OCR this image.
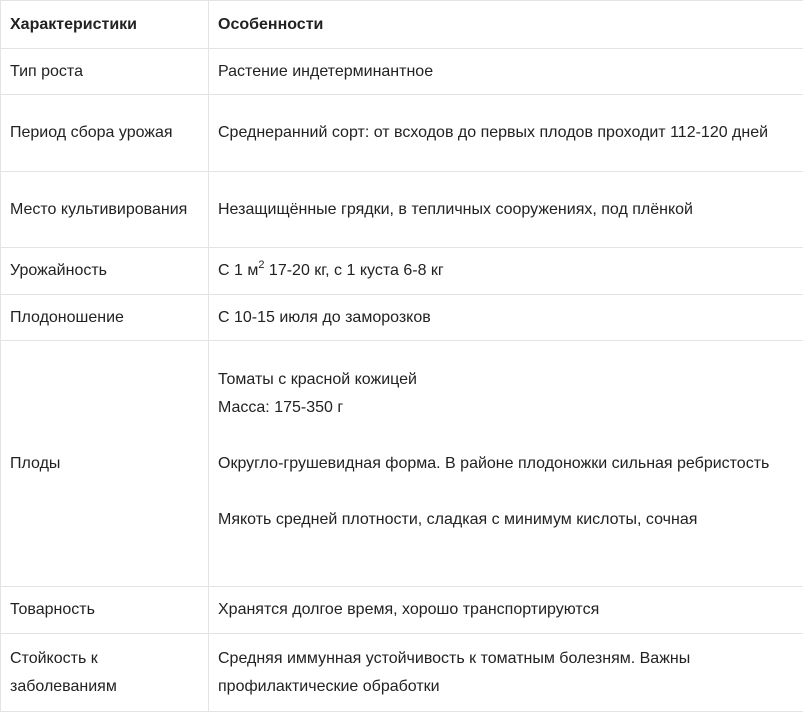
Характеристики	Особенности
Тип роста	Растение индетерминантное
Период сбора урожая	Среднеранний сорт: от всходов до первых плодов проходит 112-120 дней
Место культивирования	Незащищённые грядки, в тепличных сооружениях, под плёнкой
Урожайность	С 1 $м^2$ 17-20 кг, с 1 куста 6-8 кг
Плодоношение	С 10-15 июля до заморозков
Плоды	Томаты с красной кожицей
Масса: 175-350 г
Округло-грушевидная форма. В районе плодоножки сильная ребристость
Мякоть средней плотности, сладкая с минимум кислоты, сочная

Товарность	Хранятся долгое время, хорошо транспортируются
Стойкость к заболеваниям	Средняя иммунная устойчивость к томатным болезням. Важны профилактические обработки
